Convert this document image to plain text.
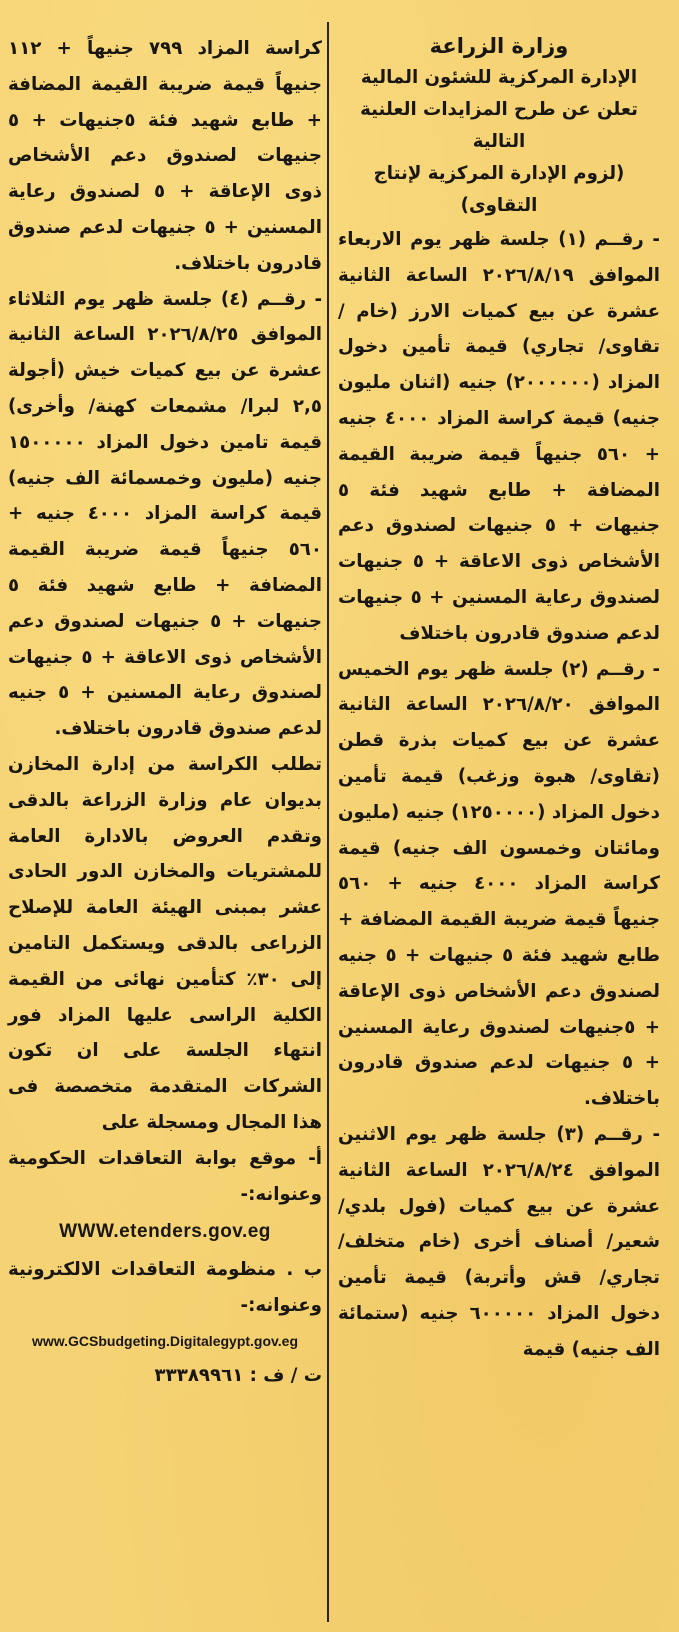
وزارة الزراعة
الإدارة المركزية للشئون المالية
تعلن عن طرح المزايدات العلنية التالية
(لزوم الإدارة المركزية لإنتاج التقاوى)

- رقــم (١) جلسة ظهر يوم الاربعاء الموافق ٢٠٢٦/٨/١٩ الساعة الثانية عشرة عن بيع كميات الارز (خام /تقاوى/ تجاري) قيمة تأمين دخول المزاد (٢٠٠٠٠٠٠) جنيه (اثنان مليون جنيه) قيمة كراسة المزاد ٤٠٠٠ جنيه + ٥٦٠ جنيهاً قيمة ضريبة القيمة المضافة + طابع شهيد فئة ٥ جنيهات + ٥ جنيهات لصندوق دعم الأشخاص ذوى الاعاقة + ٥ جنيهات لصندوق رعاية المسنين + ٥ جنيهات لدعم صندوق قادرون باختلاف

- رقــم (٢) جلسة ظهر يوم الخميس الموافق ٢٠٢٦/٨/٢٠ الساعة الثانية عشرة عن بيع كميات بذرة قطن (تقاوى/ هبوة وزغب) قيمة تأمين دخول المزاد (١٢٥٠٠٠٠) جنيه (مليون ومائتان وخمسون الف جنيه) قيمة كراسة المزاد ٤٠٠٠ جنيه + ٥٦٠ جنيهاً قيمة ضريبة القيمة المضافة + طابع شهيد فئة ٥ جنيهات + ٥ جنيه لصندوق دعم الأشخاص ذوى الإعاقة + ٥جنيهات لصندوق رعاية المسنين + ٥ جنيهات لدعم صندوق قادرون باختلاف.

- رقــم (٣) جلسة ظهر يوم الاثنين الموافق ٢٠٢٦/٨/٢٤ الساعة الثانية عشرة عن بيع كميات (فول بلدي/ شعير/ أصناف أخرى (خام متخلف/ تجاري/ قش وأتربة) قيمة تأمين دخول المزاد ٦٠٠٠٠٠ جنيه (ستمائة الف جنيه) قيمة

كراسة المزاد ٧٩٩ جنيهاً + ١١٢ جنيهاً قيمة ضريبة القيمة المضافة + طابع شهيد فئة ٥جنيهات + ٥ جنيهات لصندوق دعم الأشخاص ذوى الإعاقة + ٥ لصندوق رعاية المسنين + ٥ جنيهات لدعم صندوق قادرون باختلاف.

- رقــم (٤) جلسة ظهر يوم الثلاثاء الموافق ٢٠٢٦/٨/٢٥ الساعة الثانية عشرة عن بيع كميات خيش (أجولة ٢,٥ لبرا/ مشمعات كهنة/ وأخرى) قيمة تامين دخول المزاد ١٥٠٠٠٠٠ جنيه (مليون وخمسمائة الف جنيه) قيمة كراسة المزاد ٤٠٠٠ جنيه + ٥٦٠ جنيهاً قيمة ضريبة القيمة المضافة + طابع شهيد فئة ٥ جنيهات + ٥ جنيهات لصندوق دعم الأشخاص ذوى الاعاقة + ٥ جنيهات لصندوق رعاية المسنين + ٥ جنيه لدعم صندوق قادرون باختلاف.

تطلب الكراسة من إدارة المخازن بديوان عام وزارة الزراعة بالدقى وتقدم العروض بالادارة العامة للمشتريات والمخازن الدور الحادى عشر بمبنى الهيئة العامة للإصلاح الزراعى بالدقى ويستكمل التامين إلى ٣٠٪ كتأمين نهائى من القيمة الكلية الراسى عليها المزاد فور انتهاء الجلسة على ان تكون الشركات المتقدمة متخصصة فى هذا المجال ومسجلة على

أ- موقع بوابة التعاقدات الحكومية وعنوانه:-

WWW.etenders.gov.eg

ب . منظومة التعاقدات الالكترونية وعنوانه:-

www.GCSbudgeting.Digitalegypt.gov.eg

ت / ف : ٣٣٣٨٩٩٦١
